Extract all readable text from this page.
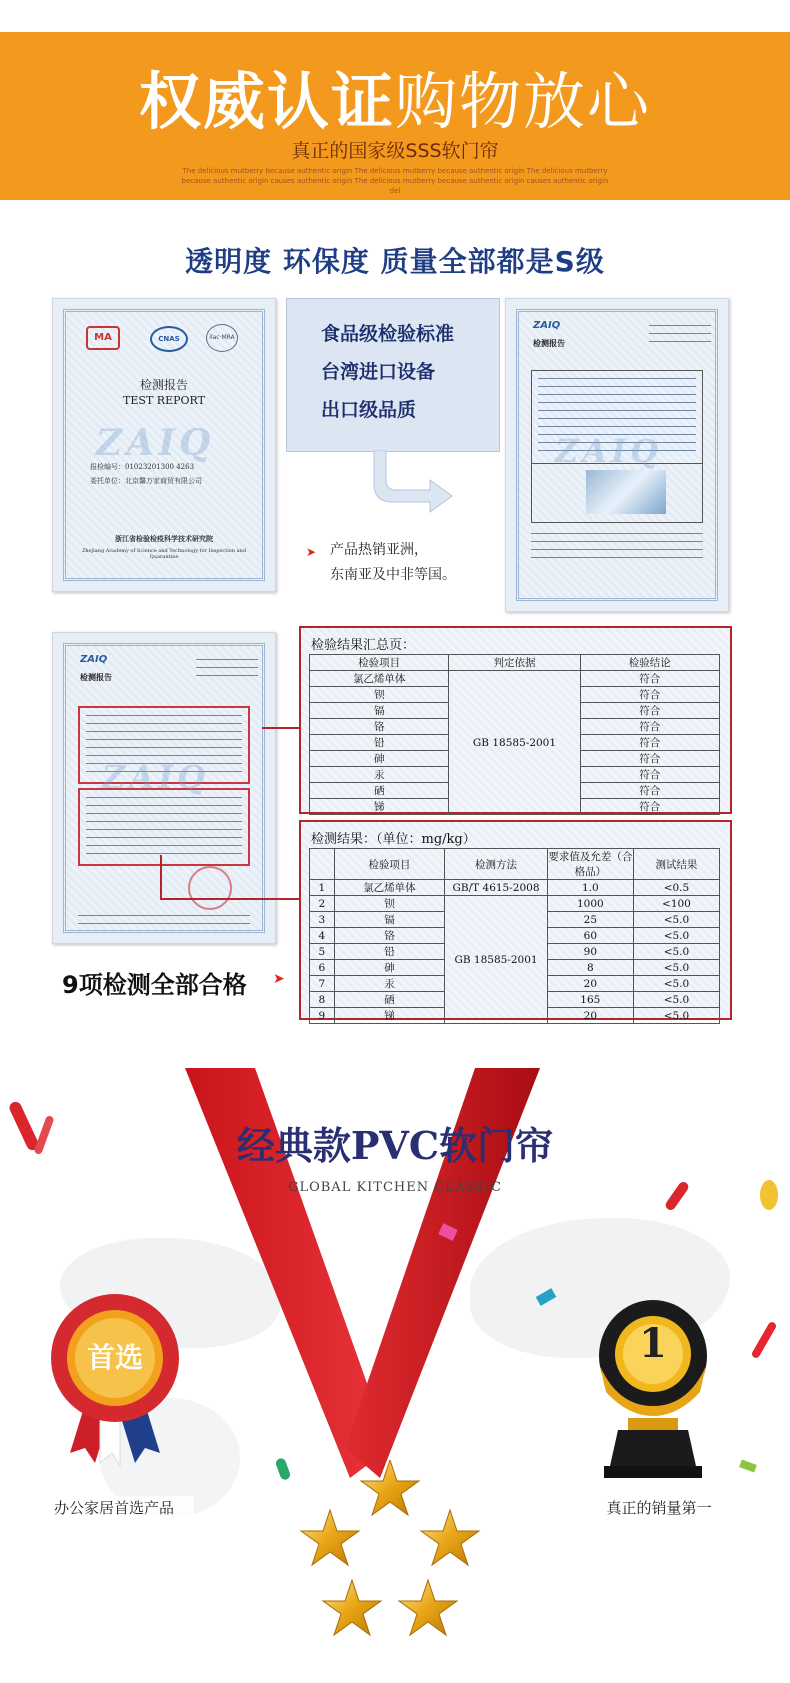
权威认证购物放心
真正的国家级SSS软门帘
The delicious mutberry because authentic origin The delicious mutberry because authentic origin The delicious mutberry because authentic origin causes authentic origin The delicious mutberry because authentic origin causes authentic origin del
透明度 环保度 质量全部都是S级
MA	CNAS	ilac·MRA
检测报告
TEST REPORT
ZAIQ
报检编号：01023201300 4263
委托单位：北京馨万家商贸有限公司
浙江省检验检疫科学技术研究院
Zhejiang Academy of Science and Technology for Inspection and Quarantine
食品级检验标准
台湾进口设备
出口级品质
➤ 产品热销亚洲，
东南亚及中非等国。
ZAIQ
检测报告
ZAIQ
ZAIQ
检测报告
ZAIQ
检验结果汇总页：
检验项目	判定依据	检验结论
氯乙烯单体	GB 18585-2001	符合
钡		符合
镉		符合
铬		符合
铅		符合
砷		符合
汞		符合
硒		符合
锑		符合
检测结果：（单位：mg/kg）
	检验项目	检测方法	要求值及允差（合格品）	测试结果
1	氯乙烯单体	GB/T 4615-2008	1.0	<0.5
2	钡	GB 18585-2001	1000	<100
3	镉		25	<5.0
4	铬		60	<5.0
5	铅		90	<5.0
6	砷		8	<5.0
7	汞		20	<5.0
8	硒		165	<5.0
9	锑		20	<5.0
9项检测全部合格 ➤
经典款PVC软门帘
GLOBAL KITCHEN CLASSIC
首选
办公家居首选产品
1
真正的销量第一
